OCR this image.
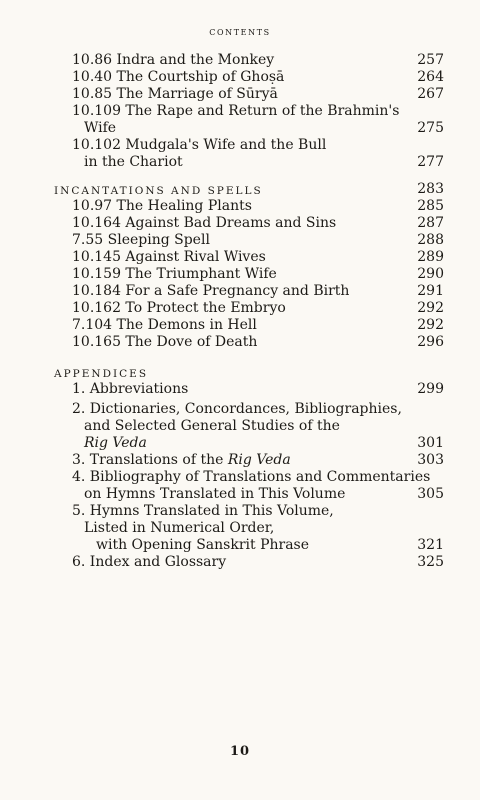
contents
10.86 Indra and the Monkey	257
10.40 The Courtship of Ghoṣā	264
10.85 The Marriage of Sūryā	267
10.109 The Rape and Return of the Brahmin's
Wife	275
10.102 Mudgala's Wife and the Bull
in the Chariot	277
INCANTATIONS AND SPELLS	283
10.97 The Healing Plants	285
10.164 Against Bad Dreams and Sins	287
7.55 Sleeping Spell	288
10.145 Against Rival Wives	289
10.159 The Triumphant Wife	290
10.184 For a Safe Pregnancy and Birth	291
10.162 To Protect the Embryo	292
7.104 The Demons in Hell	292
10.165 The Dove of Death	296
APPENDICES
1. Abbreviations	299
2. Dictionaries, Concordances, Bibliographies,
and Selected General Studies of the
Rig Veda	301
3. Translations of the Rig Veda	303
4. Bibliography of Translations and Commentaries
on Hymns Translated in This Volume	305
5. Hymns Translated in This Volume,
Listed in Numerical Order,
with Opening Sanskrit Phrase	321
6. Index and Glossary	325
10
